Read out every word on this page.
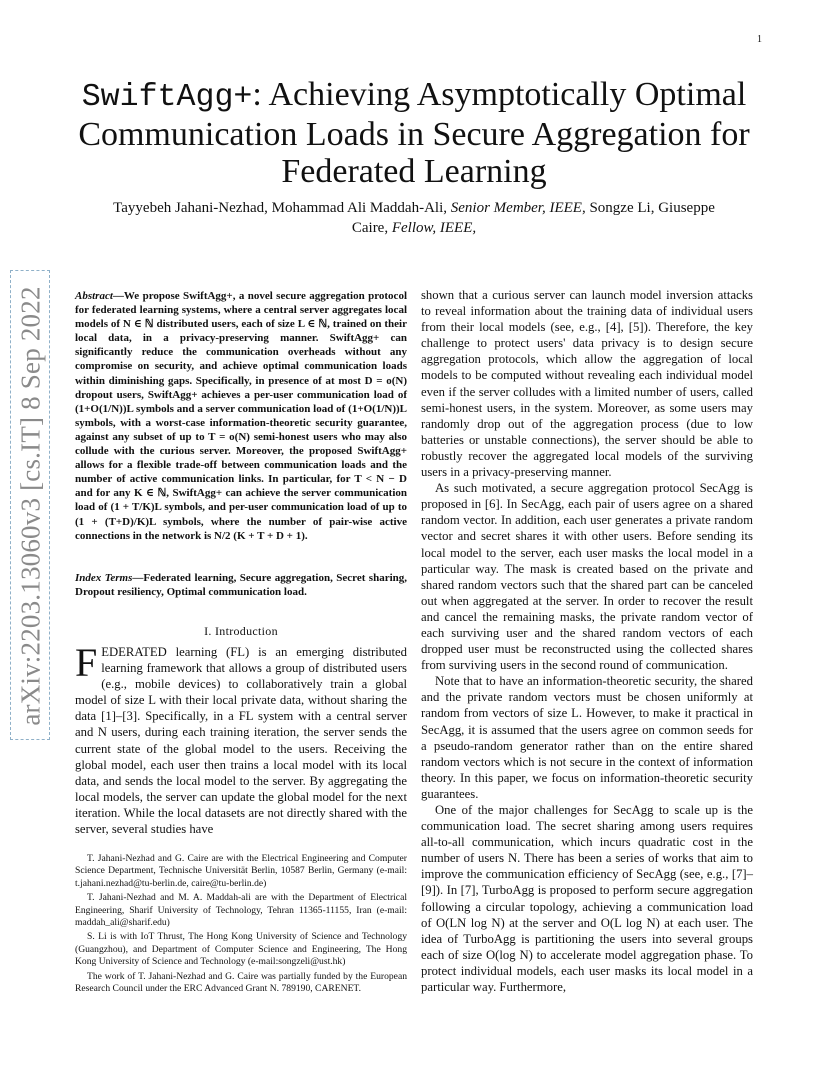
1
arXiv:2203.13060v3 [cs.IT] 8 Sep 2022
SwiftAgg+: Achieving Asymptotically Optimal Communication Loads in Secure Aggregation for Federated Learning
Tayyebeh Jahani-Nezhad, Mohammad Ali Maddah-Ali, Senior Member, IEEE, Songze Li, Giuseppe
Caire, Fellow, IEEE,
Abstract—We propose SwiftAgg+, a novel secure aggregation protocol for federated learning systems, where a central server aggregates local models of N ∈ ℕ distributed users, each of size L ∈ ℕ, trained on their local data, in a privacy-preserving manner. SwiftAgg+ can significantly reduce the communication overheads without any compromise on security, and achieve optimal communication loads within diminishing gaps. Specifically, in presence of at most D = o(N) dropout users, SwiftAgg+ achieves a per-user communication load of (1+O(1/N))L symbols and a server communication load of (1+O(1/N))L symbols, with a worst-case information-theoretic security guarantee, against any subset of up to T = o(N) semi-honest users who may also collude with the curious server. Moreover, the proposed SwiftAgg+ allows for a flexible trade-off between communication loads and the number of active communication links. In particular, for T < N − D and for any K ∈ ℕ, SwiftAgg+ can achieve the server communication load of (1 + T/K)L symbols, and per-user communication load of up to (1 + (T+D)/K)L symbols, where the number of pair-wise active connections in the network is N/2 (K + T + D + 1).
Index Terms—Federated learning, Secure aggregation, Secret sharing, Dropout resiliency, Optimal communication load.
I. Introduction
FEDERATED learning (FL) is an emerging distributed learning framework that allows a group of distributed users (e.g., mobile devices) to collaboratively train a global model of size L with their local private data, without sharing the data [1]–[3]. Specifically, in a FL system with a central server and N users, during each training iteration, the server sends the current state of the global model to the users. Receiving the global model, each user then trains a local model with its local data, and sends the local model to the server. By aggregating the local models, the server can update the global model for the next iteration. While the local datasets are not directly shared with the server, several studies have

T. Jahani-Nezhad and G. Caire are with the Electrical Engineering and Computer Science Department, Technische Universität Berlin, 10587 Berlin, Germany (e-mail: t.jahani.nezhad@tu-berlin.de, caire@tu-berlin.de)

T. Jahani-Nezhad and M. A. Maddah-ali are with the Department of Electrical Engineering, Sharif University of Technology, Tehran 11365-11155, Iran (e-mail: maddah_ali@sharif.edu)

S. Li is with IoT Thrust, The Hong Kong University of Science and Technology (Guangzhou), and Department of Computer Science and Engineering, The Hong Kong University of Science and Technology (e-mail:songzeli@ust.hk)

The work of T. Jahani-Nezhad and G. Caire was partially funded by the European Research Council under the ERC Advanced Grant N. 789190, CARENET.

shown that a curious server can launch model inversion attacks to reveal information about the training data of individual users from their local models (see, e.g., [4], [5]). Therefore, the key challenge to protect users' data privacy is to design secure aggregation protocols, which allow the aggregation of local models to be computed without revealing each individual model even if the server colludes with a limited number of users, called semi-honest users, in the system. Moreover, as some users may randomly drop out of the aggregation process (due to low batteries or unstable connections), the server should be able to robustly recover the aggregated local models of the surviving users in a privacy-preserving manner.

As such motivated, a secure aggregation protocol SecAgg is proposed in [6]. In SecAgg, each pair of users agree on a shared random vector. In addition, each user generates a private random vector and secret shares it with other users. Before sending its local model to the server, each user masks the local model in a particular way. The mask is created based on the private and shared random vectors such that the shared part can be canceled out when aggregated at the server. In order to recover the result and cancel the remaining masks, the private random vector of each surviving user and the shared random vectors of each dropped user must be reconstructed using the collected shares from surviving users in the second round of communication.

Note that to have an information-theoretic security, the shared and the private random vectors must be chosen uniformly at random from vectors of size L. However, to make it practical in SecAgg, it is assumed that the users agree on common seeds for a pseudo-random generator rather than on the entire shared random vectors which is not secure in the context of information theory. In this paper, we focus on information-theoretic security guarantees.

One of the major challenges for SecAgg to scale up is the communication load. The secret sharing among users requires all-to-all communication, which incurs quadratic cost in the number of users N. There has been a series of works that aim to improve the communication efficiency of SecAgg (see, e.g., [7]–[9]). In [7], TurboAgg is proposed to perform secure aggregation following a circular topology, achieving a communication load of O(LN log N) at the server and O(L log N) at each user. The idea of TurboAgg is partitioning the users into several groups each of size O(log N) to accelerate model aggregation phase. To protect individual models, each user masks its local model in a particular way. Furthermore,
